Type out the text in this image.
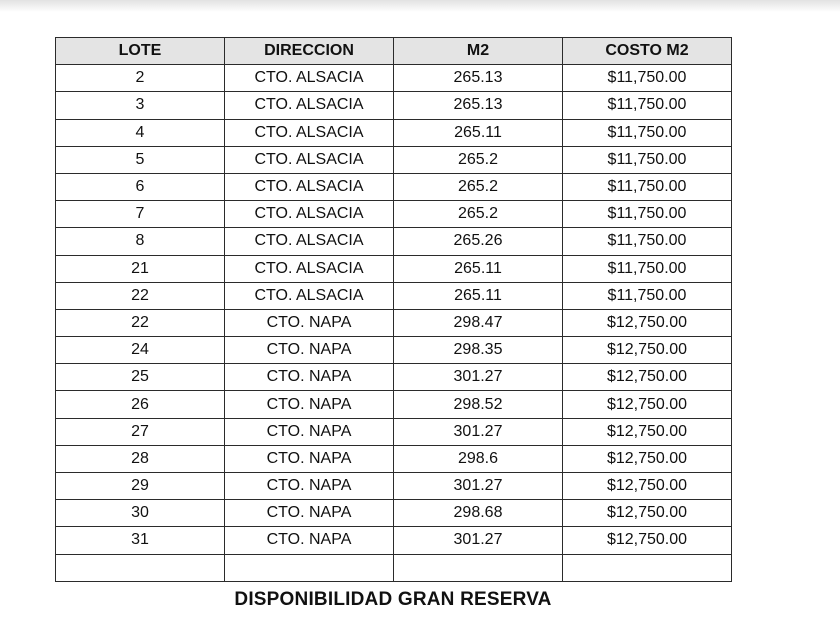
LOTE	DIRECCION	M2	COSTO M2
2	CTO. ALSACIA	265.13	$11,750.00
3	CTO. ALSACIA	265.13	$11,750.00
4	CTO. ALSACIA	265.11	$11,750.00
5	CTO. ALSACIA	265.2	$11,750.00
6	CTO. ALSACIA	265.2	$11,750.00
7	CTO. ALSACIA	265.2	$11,750.00
8	CTO. ALSACIA	265.26	$11,750.00
21	CTO. ALSACIA	265.11	$11,750.00
22	CTO. ALSACIA	265.11	$11,750.00
22	CTO. NAPA	298.47	$12,750.00
24	CTO. NAPA	298.35	$12,750.00
25	CTO. NAPA	301.27	$12,750.00
26	CTO. NAPA	298.52	$12,750.00
27	CTO. NAPA	301.27	$12,750.00
28	CTO. NAPA	298.6	$12,750.00
29	CTO. NAPA	301.27	$12,750.00
30	CTO. NAPA	298.68	$12,750.00
31	CTO. NAPA	301.27	$12,750.00

DISPONIBILIDAD GRAN RESERVA
